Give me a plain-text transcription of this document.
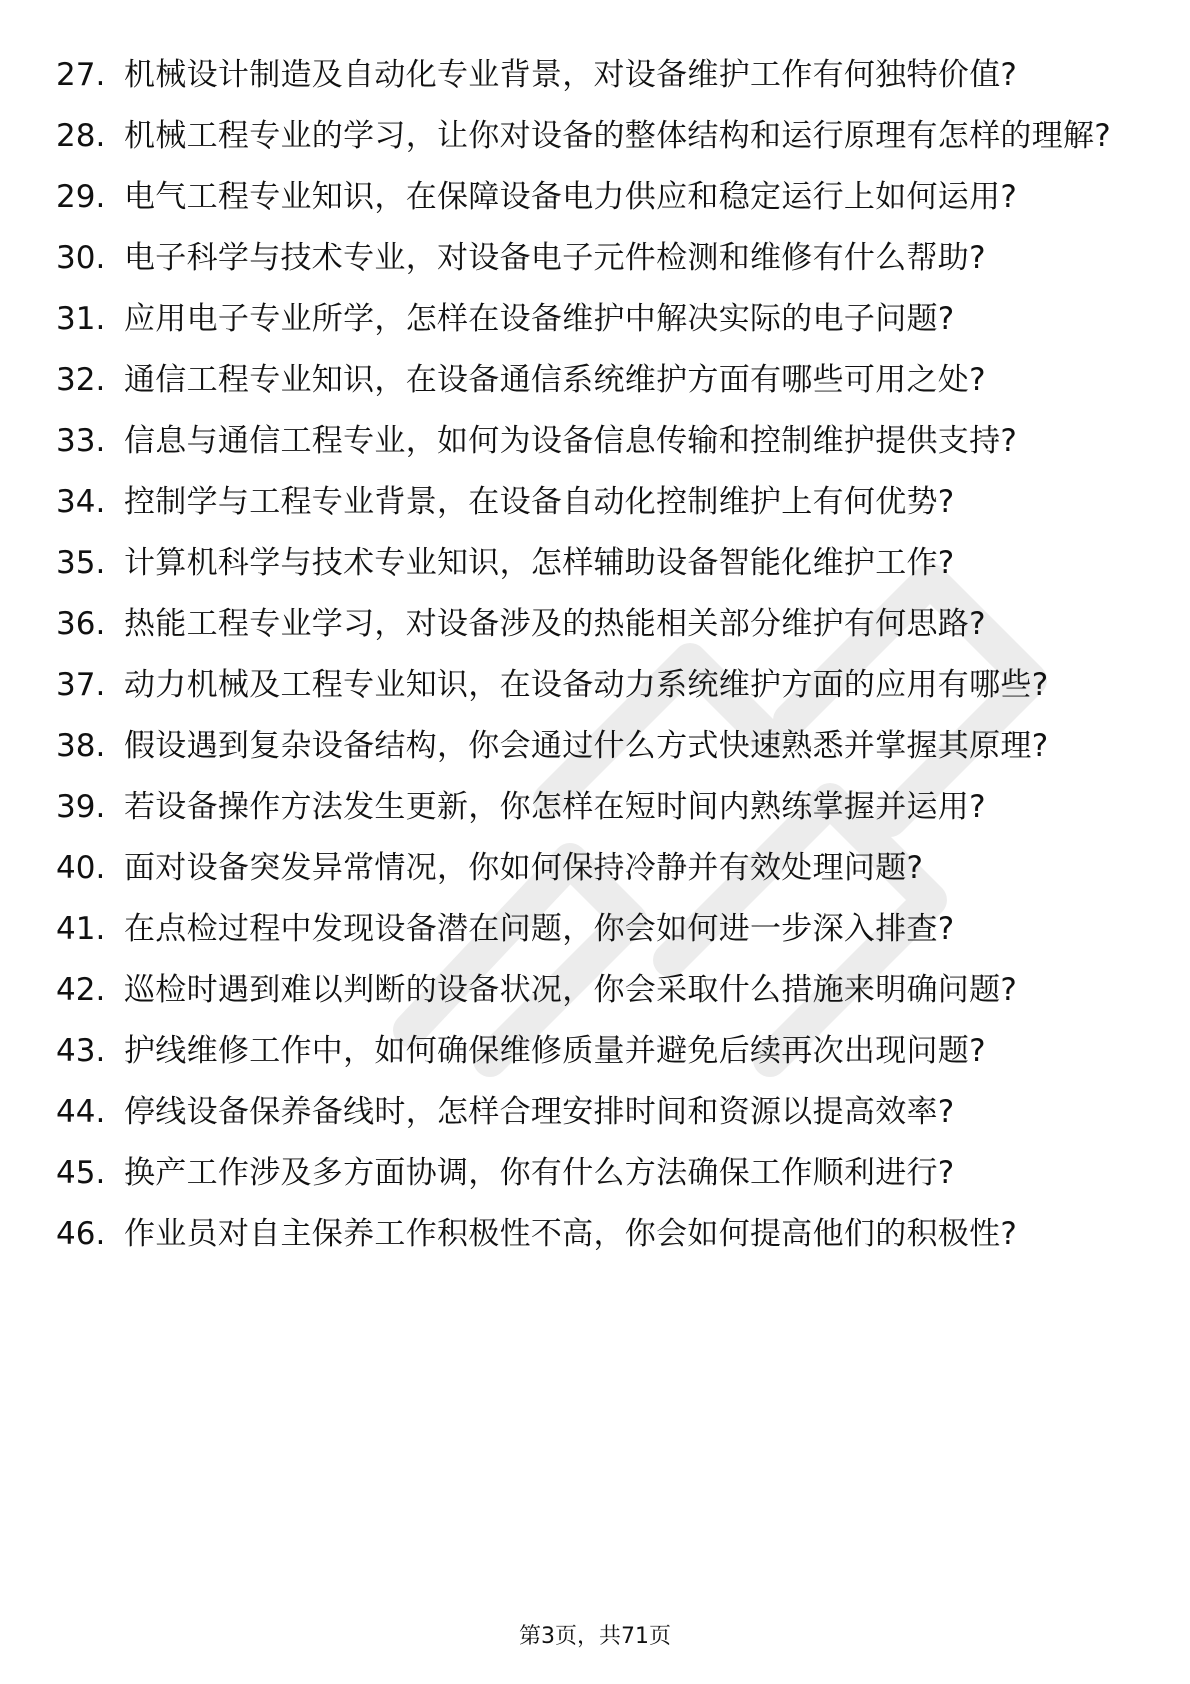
27. 机械设计制造及自动化专业背景，对设备维护工作有何独特价值?
28. 机械工程专业的学习，让你对设备的整体结构和运行原理有怎样的理解?
29. 电气工程专业知识，在保障设备电力供应和稳定运行上如何运用?
30. 电子科学与技术专业，对设备电子元件检测和维修有什么帮助?
31. 应用电子专业所学，怎样在设备维护中解决实际的电子问题?
32. 通信工程专业知识，在设备通信系统维护方面有哪些可用之处?
33. 信息与通信工程专业，如何为设备信息传输和控制维护提供支持?
34. 控制学与工程专业背景，在设备自动化控制维护上有何优势?
35. 计算机科学与技术专业知识，怎样辅助设备智能化维护工作?
36. 热能工程专业学习，对设备涉及的热能相关部分维护有何思路?
37. 动力机械及工程专业知识，在设备动力系统维护方面的应用有哪些?
38. 假设遇到复杂设备结构，你会通过什么方式快速熟悉并掌握其原理?
39. 若设备操作方法发生更新，你怎样在短时间内熟练掌握并运用?
40. 面对设备突发异常情况，你如何保持冷静并有效处理问题?
41. 在点检过程中发现设备潜在问题，你会如何进一步深入排查?
42. 巡检时遇到难以判断的设备状况，你会采取什么措施来明确问题?
43. 护线维修工作中，如何确保维修质量并避免后续再次出现问题?
44. 停线设备保养备线时，怎样合理安排时间和资源以提高效率?
45. 换产工作涉及多方面协调，你有什么方法确保工作顺利进行?
46. 作业员对自主保养工作积极性不高，你会如何提高他们的积极性?
第3页，共71页
